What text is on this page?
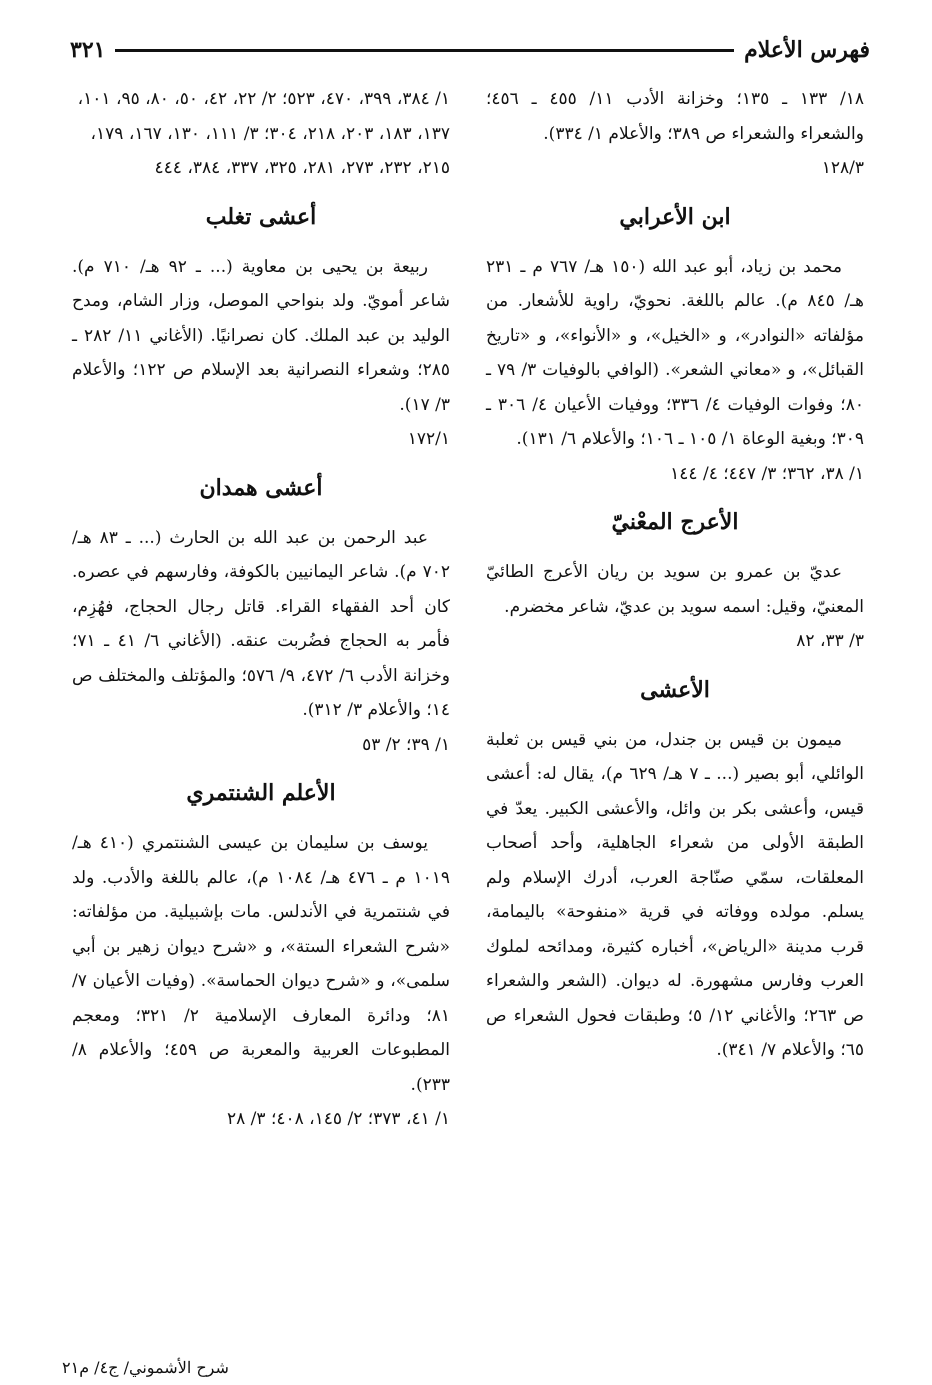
فهرس الأعلام
٣٢١

١٨/ ١٣٣ ـ ١٣٥؛ وخزانة الأدب ١١/ ٤٥٥ ـ ٤٥٦؛ والشعراء والشعراء ص ٣٨٩؛ والأعلام ١/ ٣٣٤).

١٢٨/٣

ابن الأعرابي

محمد بن زياد، أبو عبد الله (١٥٠ هـ/ ٧٦٧ م ـ ٢٣١ هـ/ ٨٤٥ م). عالم باللغة. نحويّ، راوية للأشعار. من مؤلفاته «النوادر»، و «الخيل»، و «الأنواء»، و «تاريخ القبائل»، و «معاني الشعر». (الوافي بالوفيات ٣/ ٧٩ ـ ٨٠؛ وفوات الوفيات ٤/ ٣٣٦؛ ووفيات الأعيان ٤/ ٣٠٦ ـ ٣٠٩؛ وبغية الوعاة ١/ ١٠٥ ـ ١٠٦؛ والأعلام ٦/ ١٣١).

١/ ٣٨، ٣٦٢؛ ٣/ ٤٤٧؛ ٤/ ١٤٤

الأعرج المعْنيّ

عديّ بن عمرو بن سويد بن ريان الأعرج الطائيّ المعنيّ، وقيل: اسمه سويد بن عديّ، شاعر مخضرم.

٣/ ٣٣، ٨٢

الأعشى

ميمون بن قيس بن جندل، من بني قيس بن ثعلبة الوائلي، أبو بصير (... ـ ٧ هـ/ ٦٢٩ م)، يقال له: أعشى قيس، وأعشى بكر بن وائل، والأعشى الكبير. يعدّ في الطبقة الأولى من شعراء الجاهلية، وأحد أصحاب المعلقات، سمّي صنّاجة العرب، أدرك الإسلام ولم يسلم. مولده ووفاته في قرية «منفوحة» باليمامة، قرب مدينة «الرياض»، أخباره كثيرة، ومدائحه لملوك العرب وفارس مشهورة. له ديوان. (الشعر والشعراء ص ٢٦٣؛ والأغاني ١٢/ ٥؛ وطبقات فحول الشعراء ص ٦٥؛ والأعلام ٧/ ٣٤١).

١/ ٣٨٤، ٣٩٩، ٤٧٠، ٥٢٣؛ ٢/ ٢٢، ٤٢، ٥٠، ٨٠، ٩٥، ١٠١، ١٣٧، ١٨٣، ٢٠٣، ٢١٨، ٣٠٤؛ ٣/ ١١١، ١٣٠، ١٦٧، ١٧٩، ٢١٥، ٢٣٢، ٢٧٣، ٢٨١، ٣٢٥، ٣٣٧، ٣٨٤، ٤٤٤

أعشى تغلب

ربيعة بن يحيى بن معاوية (... ـ ٩٢ هـ/ ٧١٠ م). شاعر أمويّ. ولد بنواحي الموصل، وزار الشام، ومدح الوليد بن عبد الملك. كان نصرانيًا. (الأغاني ١١/ ٢٨٢ ـ ٢٨٥؛ وشعراء النصرانية بعد الإسلام ص ١٢٢؛ والأعلام ٣/ ١٧).

١٧٢/١

أعشى همدان

عبد الرحمن بن عبد الله بن الحارث (... ـ ٨٣ هـ/ ٧٠٢ م). شاعر اليمانيين بالكوفة، وفارسهم في عصره. كان أحد الفقهاء القراء. قاتل رجال الحجاج، فهُزِم، فأمر به الحجاج فضُربت عنقه. (الأغاني ٦/ ٤١ ـ ٧١؛ وخزانة الأدب ٦/ ٤٧٢، ٩/ ٥٧٦؛ والمؤتلف والمختلف ص ١٤؛ والأعلام ٣/ ٣١٢).

١/ ٣٩؛ ٢/ ٥٣

الأعلم الشنتمري

يوسف بن سليمان بن عيسى الشنتمري (٤١٠ هـ/ ١٠١٩ م ـ ٤٧٦ هـ/ ١٠٨٤ م)، عالم باللغة والأدب. ولد في شنتمرية في الأندلس. مات بإشبيلية. من مؤلفاته: «شرح الشعراء الستة»، و «شرح ديوان زهير بن أبي سلمى»، و «شرح ديوان الحماسة». (وفيات الأعيان ٧/ ٨١؛ ودائرة المعارف الإسلامية ٢/ ٣٢١؛ ومعجم المطبوعات العربية والمعربة ص ٤٥٩؛ والأعلام ٨/ ٢٣٣).

١/ ٤١، ٣٧٣؛ ٢/ ١٤٥، ٤٠٨؛ ٣/ ٢٨

شرح الأشموني/ ج٤/ م٢١
